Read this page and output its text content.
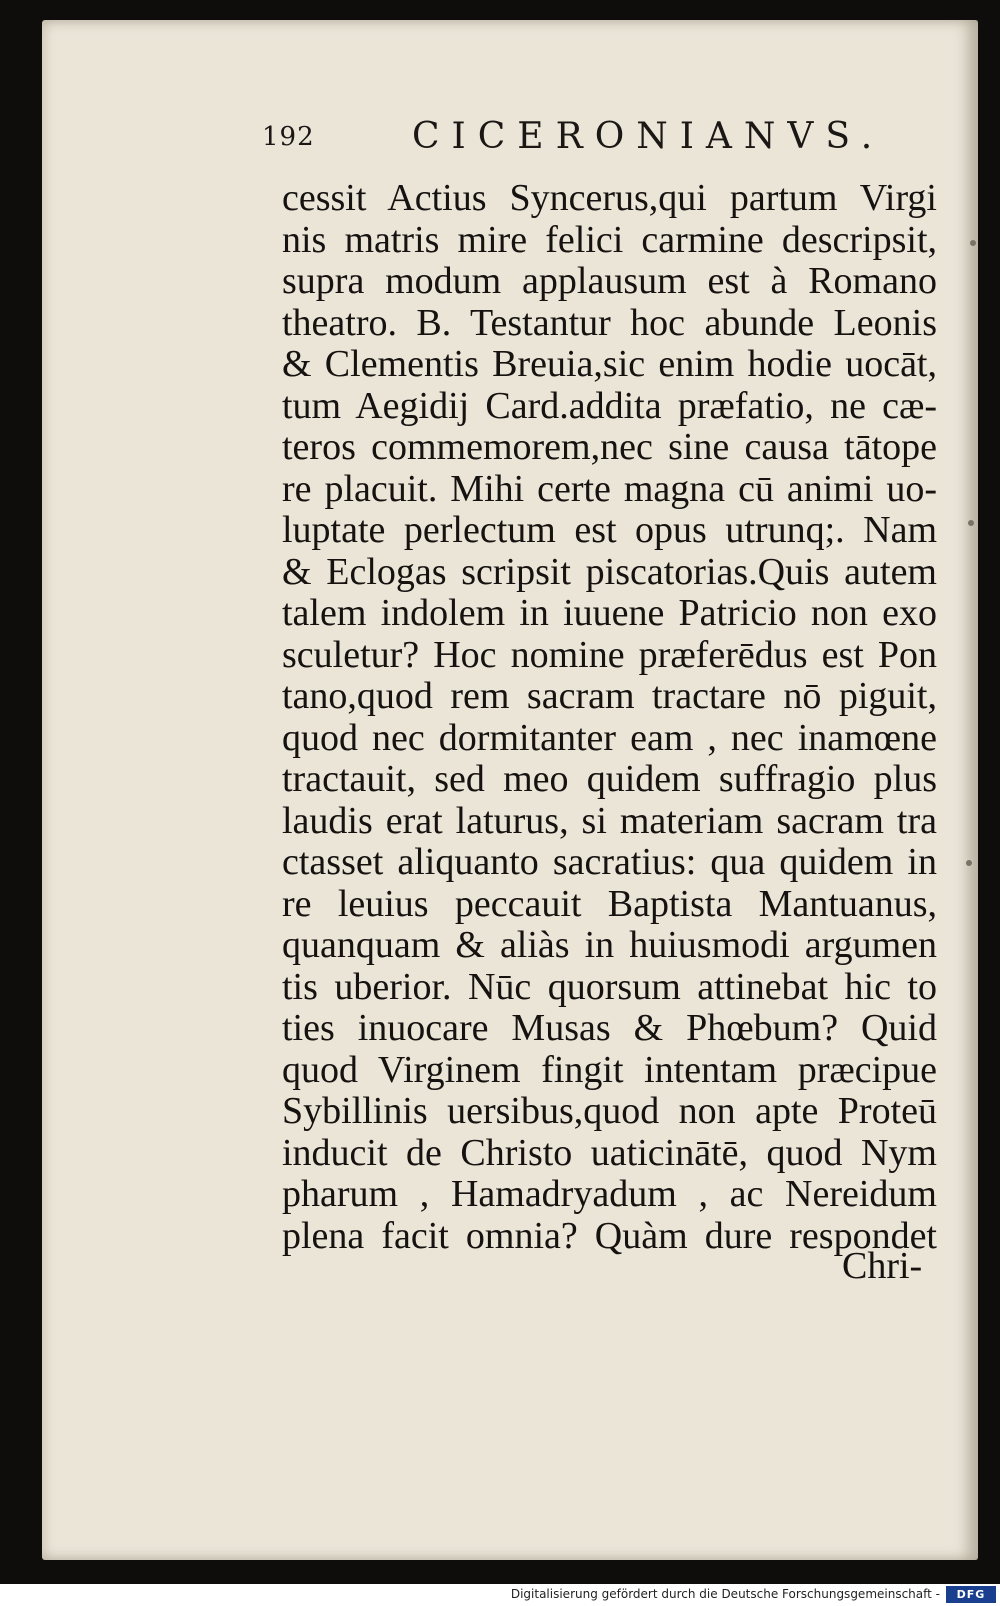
192	CICERONIANVS.
cessit Actius Syncerus,qui partum Virgi
nis matris mire felici carmine descripsit,
supra modum applausum est à Romano
theatro. B. Testantur hoc abunde Leonis
& Clementis Breuia,sic enim hodie uocāt,
tum Aegidij Card.addita præfatio, ne cæ-
teros commemorem,nec sine causa tātope
re placuit. Mihi certe magna cū animi uo-
luptate perlectum est opus utrunq;. Nam
& Eclogas scripsit piscatorias.Quis autem
talem indolem in iuuene Patricio non exo
sculetur? Hoc nomine præferēdus est Pon
tano,quod rem sacram tractare nō piguit,
quod nec dormitanter eam , nec inamœne
tractauit, sed meo quidem suffragio plus
laudis erat laturus, si materiam sacram tra
ctasset aliquanto sacratius: qua quidem in
re leuius peccauit Baptista Mantuanus,
quanquam & aliàs in huiusmodi argumen
tis uberior. Nūc quorsum attinebat hic to
ties inuocare Musas & Phœbum? Quid
quod Virginem fingit intentam præcipue
Sybillinis uersibus,quod non apte Proteū
inducit de Christo uaticinātē, quod Nym
pharum , Hamadryadum , ac Nereidum
plena facit omnia? Quàm dure respondet
Chri-
Digitalisierung gefördert durch die Deutsche Forschungsgemeinschaft -	DFG
